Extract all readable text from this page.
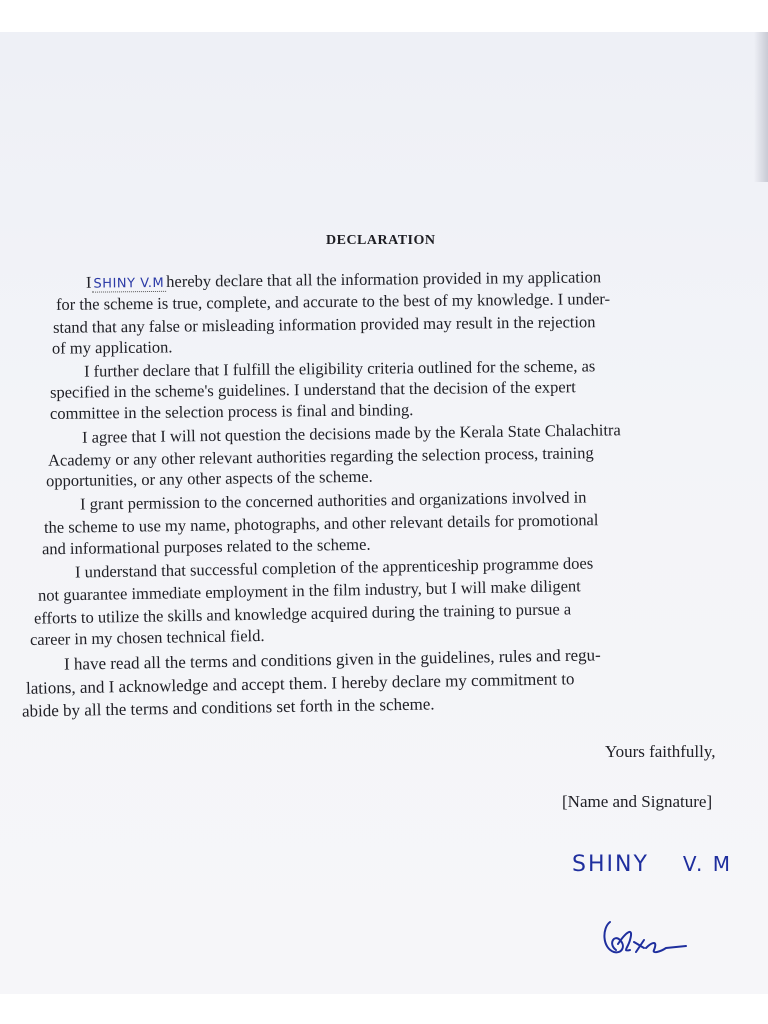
DECLARATION
I SHINY V.M hereby declare that all the information provided in my application
for the scheme is true, complete, and accurate to the best of my knowledge. I under-
stand that any false or misleading information provided may result in the rejection
of my application.
I further declare that I fulfill the eligibility criteria outlined for the scheme, as
specified in the scheme's guidelines. I understand that the decision of the expert
committee in the selection process is final and binding.
I agree that I will not question the decisions made by the Kerala State Chalachitra
Academy or any other relevant authorities regarding the selection process, training
opportunities, or any other aspects of the scheme.
I grant permission to the concerned authorities and organizations involved in
the scheme to use my name, photographs, and other relevant details for promotional
and informational purposes related to the scheme.
I understand that successful completion of the apprenticeship programme does
not guarantee immediate employment in the film industry, but I will make diligent
efforts to utilize the skills and knowledge acquired during the training to pursue a
career in my chosen technical field.
I have read all the terms and conditions given in the guidelines, rules and regu-
lations, and I acknowledge and accept them. I hereby declare my commitment to
abide by all the terms and conditions set forth in the scheme.
Yours faithfully,
[Name and Signature]
SHINY V. M
